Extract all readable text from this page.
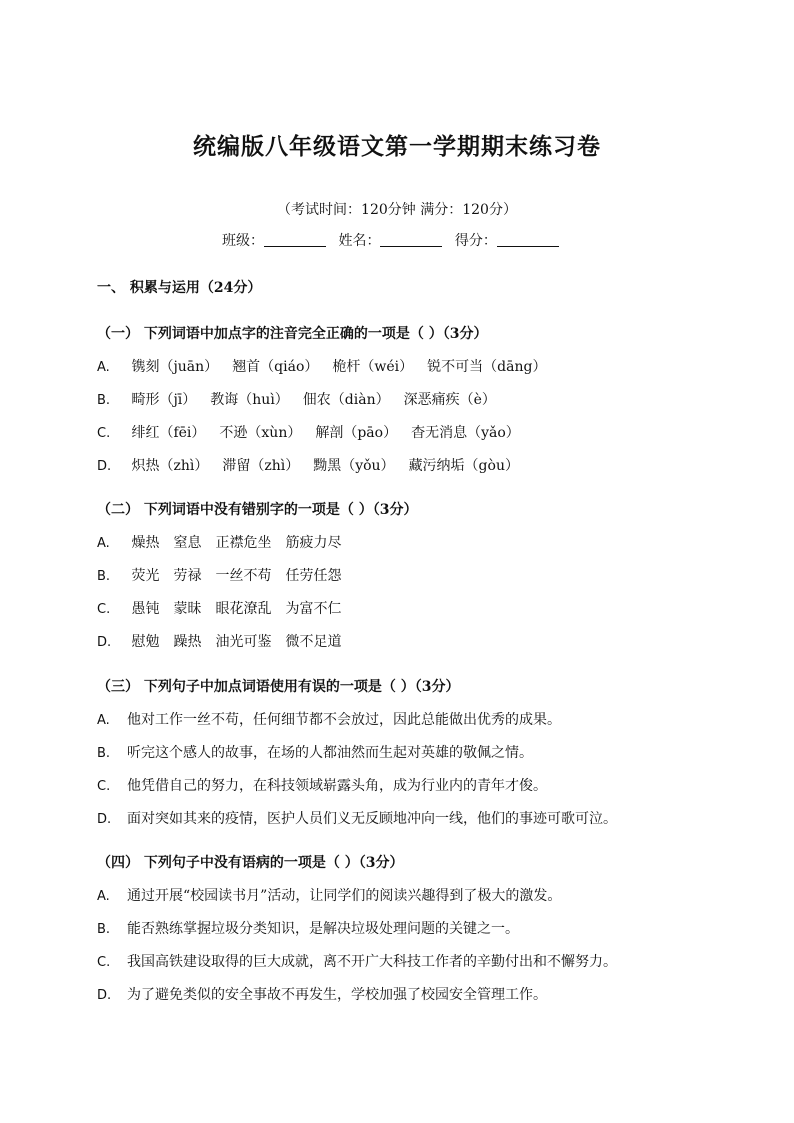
统编版八年级语文第一学期期末练习卷
（考试时间：120分钟 满分：120分）
班级：	姓名：	得分：
一、 积累与运用（24分）
（一） 下列词语中加点字的注音完全正确的一项是（ ）（3分）
A. 镌刻（juān） 翘首（qiáo） 桅杆（wéi） 锐不可当（dāng）
B. 畸形（jī） 教诲（huì） 佃农（diàn） 深恶痛疾（è）
C. 绯红（fēi） 不逊（xùn） 解剖（pāo） 杳无消息（yǎo）
D. 炽热（zhì） 滞留（zhì） 黝黑（yǒu） 藏污纳垢（gòu）
（二） 下列词语中没有错别字的一项是（ ）（3分）
A. 燥热 窒息 正襟危坐 筋疲力尽
B. 荧光 劳禄 一丝不苟 任劳任怨
C. 愚钝 蒙昧 眼花潦乱 为富不仁
D. 慰勉 躁热 油光可鉴 微不足道
（三） 下列句子中加点词语使用有误的一项是（ ）（3分）
A. 他对工作一丝不苟，任何细节都不会放过，因此总能做出优秀的成果。
B. 听完这个感人的故事，在场的人都油然而生起对英雄的敬佩之情。
C. 他凭借自己的努力，在科技领域崭露头角，成为行业内的青年才俊。
D. 面对突如其来的疫情，医护人员们义无反顾地冲向一线，他们的事迹可歌可泣。
（四） 下列句子中没有语病的一项是（ ）（3分）
A. 通过开展“校园读书月”活动，让同学们的阅读兴趣得到了极大的激发。
B. 能否熟练掌握垃圾分类知识，是解决垃圾处理问题的关键之一。
C. 我国高铁建设取得的巨大成就，离不开广大科技工作者的辛勤付出和不懈努力。
D. 为了避免类似的安全事故不再发生，学校加强了校园安全管理工作。
